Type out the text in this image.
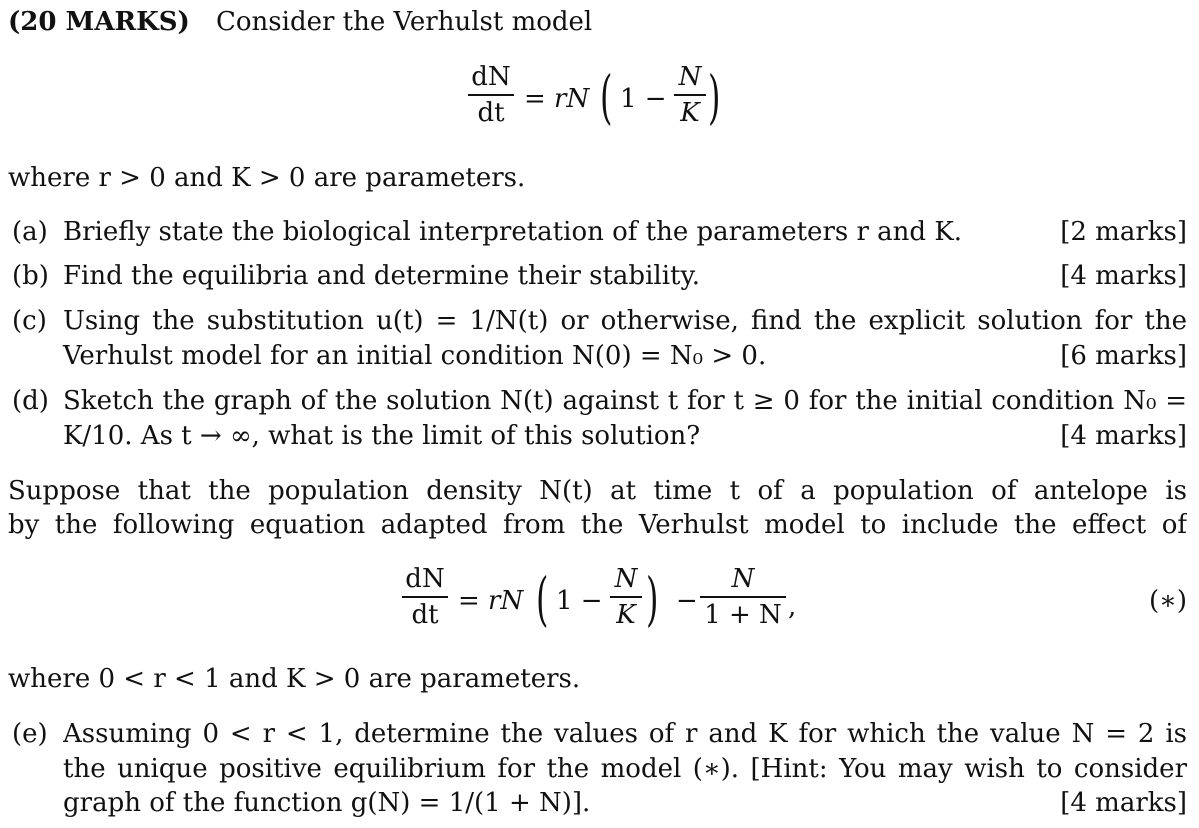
(20 MARKS) Consider the Verhulst model
dN
dt = rN ( 1 −
N
K )
where r > 0 and K > 0 are parameters.
(a) Briefly state the biological interpretation of the parameters r and K.	[2 marks]
(b) Find the equilibria and determine their stability.	[4 marks]
(c) Using the substitution u(t) = 1/N(t) or otherwise, find the explicit solution for the
Verhulst model for an initial condition N(0) = N₀ > 0.	[6 marks]
(d) Sketch the graph of the solution N(t) against t for t ≥ 0 for the initial condition N₀ =
K/10. As t → ∞, what is the limit of this solution?	[4 marks]
Suppose that the population density N(t) at time t of a population of antelope is
by the following equation adapted from the Verhulst model to include the effect of
dN
dt = rN ( 1 −
N
K ) −
N
1 + N ,	(∗)
where 0 < r < 1 and K > 0 are parameters.
(e) Assuming 0 < r < 1, determine the values of r and K for which the value N = 2 is
the unique positive equilibrium for the model (∗). [Hint: You may wish to consider
graph of the function g(N) = 1/(1 + N)].	[4 marks]
